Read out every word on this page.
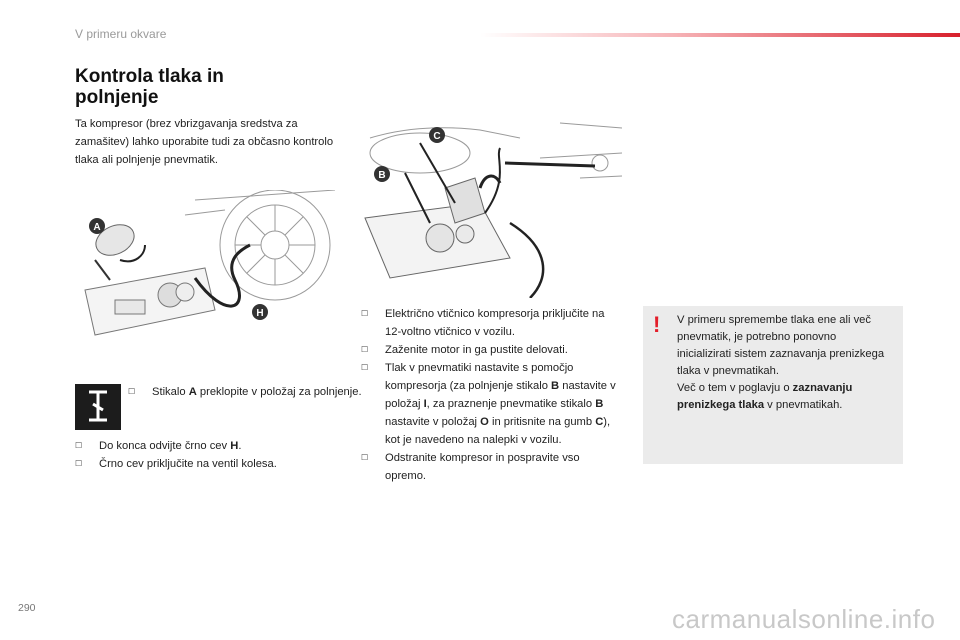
V primeru okvare
Kontrola tlaka in
polnjenje
Ta kompresor (brez vbrizgavanja sredstva za zamašitev) lahko uporabite tudi za občasno kontrolo tlaka ali polnjenje pnevmatik.
A
H
C
B
☐ Stikalo A preklopite v položaj za polnjenje.
☐ Do konca odvijte črno cev H.
☐ Črno cev priključite na ventil kolesa.
☐ Električno vtičnico kompresorja priključite na 12-voltno vtičnico v vozilu.
☐ Zaženite motor in ga pustite delovati.
☐ Tlak v pnevmatiki nastavite s pomočjo kompresorja (za polnjenje stikalo B nastavite v položaj I, za praznenje pnevmatike stikalo B nastavite v položaj O in pritisnite na gumb C), kot je navedeno na nalepki v vozilu.
☐ Odstranite kompresor in pospravite vso opremo.
! V primeru spremembe tlaka ene ali več pnevmatik, je potrebno ponovno inicializirati sistem zaznavanja prenizkega tlaka v pnevmatikah.
Več o tem v poglavju o zaznavanju prenizkega tlaka v pnevmatikah.
290	carmanualsonline.info
